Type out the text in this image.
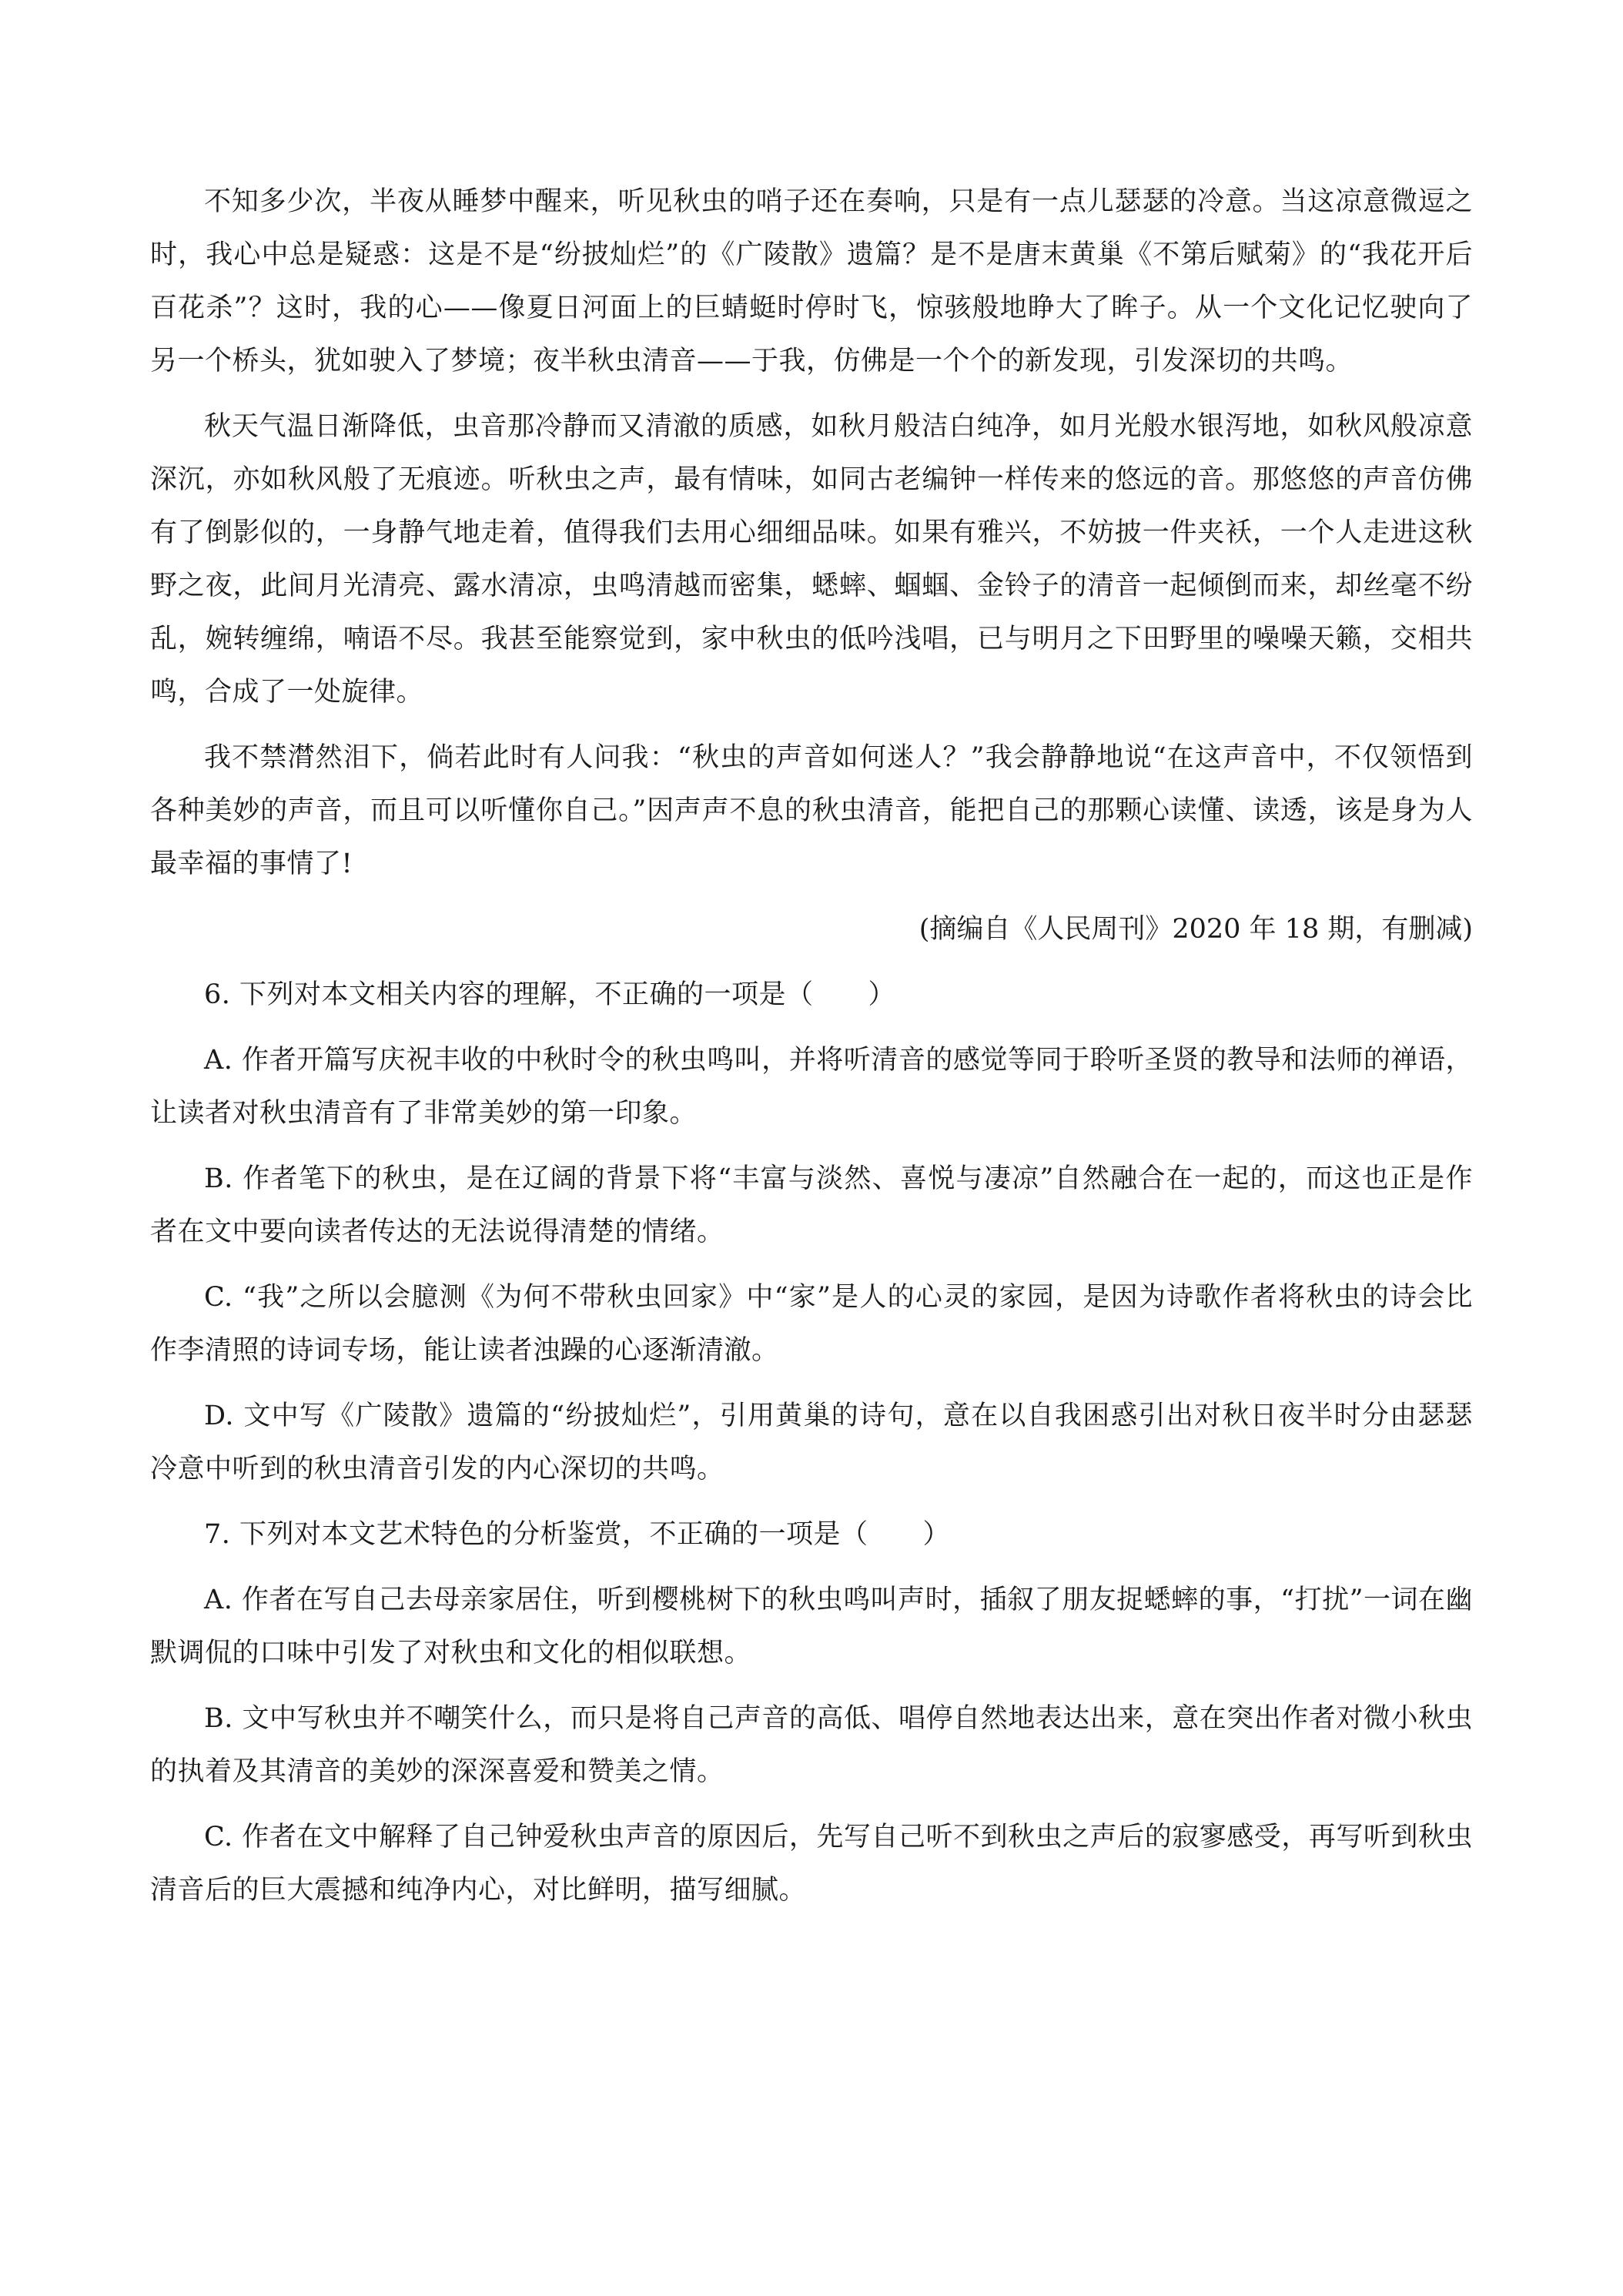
不知多少次，半夜从睡梦中醒来，听见秋虫的哨子还在奏响，只是有一点儿瑟瑟的冷意。当这凉意微逗之时，我心中总是疑惑：这是不是“纷披灿烂”的《广陵散》遗篇？是不是唐末黄巢《不第后赋菊》的“我花开后百花杀”？这时，我的心——像夏日河面上的巨蜻蜓时停时飞，惊骇般地睁大了眸子。从一个文化记忆驶向了另一个桥头，犹如驶入了梦境；夜半秋虫清音——于我，仿佛是一个个的新发现，引发深切的共鸣。

秋天气温日渐降低，虫音那冷静而又清澈的质感，如秋月般洁白纯净，如月光般水银泻地，如秋风般凉意深沉，亦如秋风般了无痕迹。听秋虫之声，最有情味，如同古老编钟一样传来的悠远的音。那悠悠的声音仿佛有了倒影似的，一身静气地走着，值得我们去用心细细品味。如果有雅兴，不妨披一件夹袄，一个人走进这秋野之夜，此间月光清亮、露水清凉，虫鸣清越而密集，蟋蟀、蝈蝈、金铃子的清音一起倾倒而来，却丝毫不纷乱，婉转缠绵，喃语不尽。我甚至能察觉到，家中秋虫的低吟浅唱，已与明月之下田野里的噪噪天籁，交相共鸣，合成了一处旋律。

我不禁潸然泪下，倘若此时有人问我：“秋虫的声音如何迷人？”我会静静地说“在这声音中，不仅领悟到各种美妙的声音，而且可以听懂你自己。”因声声不息的秋虫清音，能把自己的那颗心读懂、读透，该是身为人最幸福的事情了!

(摘编自《人民周刊》2020 年 18 期，有删减)

6. 下列对本文相关内容的理解，不正确的一项是（　　）

A. 作者开篇写庆祝丰收的中秋时令的秋虫鸣叫，并将听清音的感觉等同于聆听圣贤的教导和法师的禅语，让读者对秋虫清音有了非常美妙的第一印象。

B. 作者笔下的秋虫，是在辽阔的背景下将“丰富与淡然、喜悦与凄凉”自然融合在一起的，而这也正是作者在文中要向读者传达的无法说得清楚的情绪。

C. “我”之所以会臆测《为何不带秋虫回家》中“家”是人的心灵的家园，是因为诗歌作者将秋虫的诗会比作李清照的诗词专场，能让读者浊躁的心逐渐清澈。

D. 文中写《广陵散》遗篇的“纷披灿烂”，引用黄巢的诗句，意在以自我困惑引出对秋日夜半时分由瑟瑟冷意中听到的秋虫清音引发的内心深切的共鸣。

7. 下列对本文艺术特色的分析鉴赏，不正确的一项是（　　）

A. 作者在写自己去母亲家居住，听到樱桃树下的秋虫鸣叫声时，插叙了朋友捉蟋蟀的事，“打扰”一词在幽默调侃的口味中引发了对秋虫和文化的相似联想。

B. 文中写秋虫并不嘲笑什么，而只是将自己声音的高低、唱停自然地表达出来，意在突出作者对微小秋虫的执着及其清音的美妙的深深喜爱和赞美之情。

C. 作者在文中解释了自己钟爱秋虫声音的原因后，先写自己听不到秋虫之声后的寂寥感受，再写听到秋虫清音后的巨大震撼和纯净内心，对比鲜明，描写细腻。
